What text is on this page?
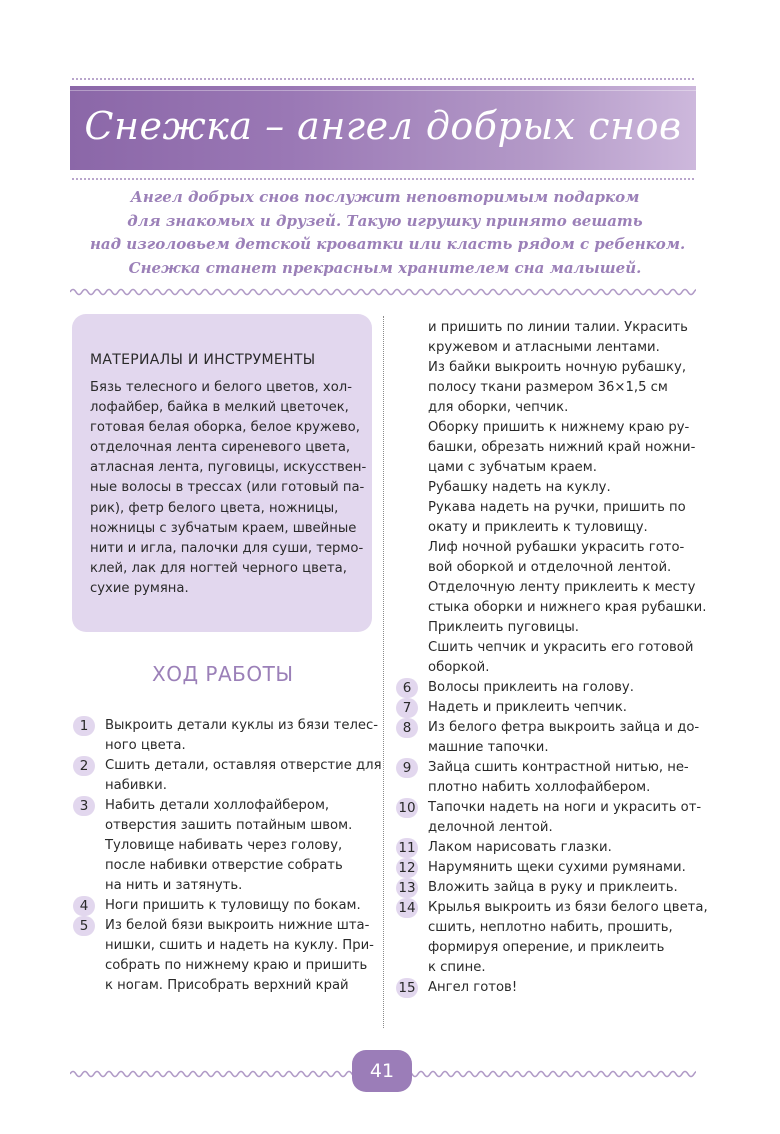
Снежка – ангел добрых снов
Ангел добрых снов послужит неповторимым подарком
для знакомых и друзей. Такую игрушку принято вешать
над изголовьем детской кроватки или класть рядом с ребенком.
Снежка станет прекрасным хранителем сна малышей.
МАТЕРИАЛЫ И ИНСТРУМЕНТЫ
Бязь телесного и белого цветов, хол-
лофайбер, байка в мелкий цветочек,
готовая белая оборка, белое кружево,
отделочная лента сиреневого цвета,
атласная лента, пуговицы, искусствен-
ные волосы в трессах (или готовый па-
рик), фетр белого цвета, ножницы,
ножницы с зубчатым краем, швейные
нити и игла, палочки для суши, термо-
клей, лак для ногтей черного цвета,
сухие румяна.
ХОД РАБОТЫ
1	Выкроить детали куклы из бязи телес-
ного цвета.
2	Сшить детали, оставляя отверстие для
набивки.
3	Набить детали холлофайбером,
отверстия зашить потайным швом.
Туловище набивать через голову,
после набивки отверстие собрать
на нить и затянуть.
4	Ноги пришить к туловищу по бокам.
5	Из белой бязи выкроить нижние шта-
нишки, сшить и надеть на куклу. При-
собрать по нижнему краю и пришить
к ногам. Присобрать верхний край
и пришить по линии талии. Украсить
кружевом и атласными лентами.
Из байки выкроить ночную рубашку,
полосу ткани размером 36×1,5 см
для оборки, чепчик.
Оборку пришить к нижнему краю ру-
башки, обрезать нижний край ножни-
цами с зубчатым краем.
Рубашку надеть на куклу.
Рукава надеть на ручки, пришить по
окату и приклеить к туловищу.
Лиф ночной рубашки украсить гото-
вой оборкой и отделочной лентой.
Отделочную ленту приклеить к месту
стыка оборки и нижнего края рубашки.
Приклеить пуговицы.
Сшить чепчик и украсить его готовой
оборкой.
6	Волосы приклеить на голову.
7	Надеть и приклеить чепчик.
8	Из белого фетра выкроить зайца и до-
машние тапочки.
9	Зайца сшить контрастной нитью, не-
плотно набить холлофайбером.
10 Тапочки надеть на ноги и украсить от-
делочной лентой.
11 Лаком нарисовать глазки.
12 Нарумянить щеки сухими румянами.
13 Вложить зайца в руку и приклеить.
14 Крылья выкроить из бязи белого цвета,
сшить, неплотно набить, прошить,
формируя оперение, и приклеить
к спине.
15 Ангел готов!
41
